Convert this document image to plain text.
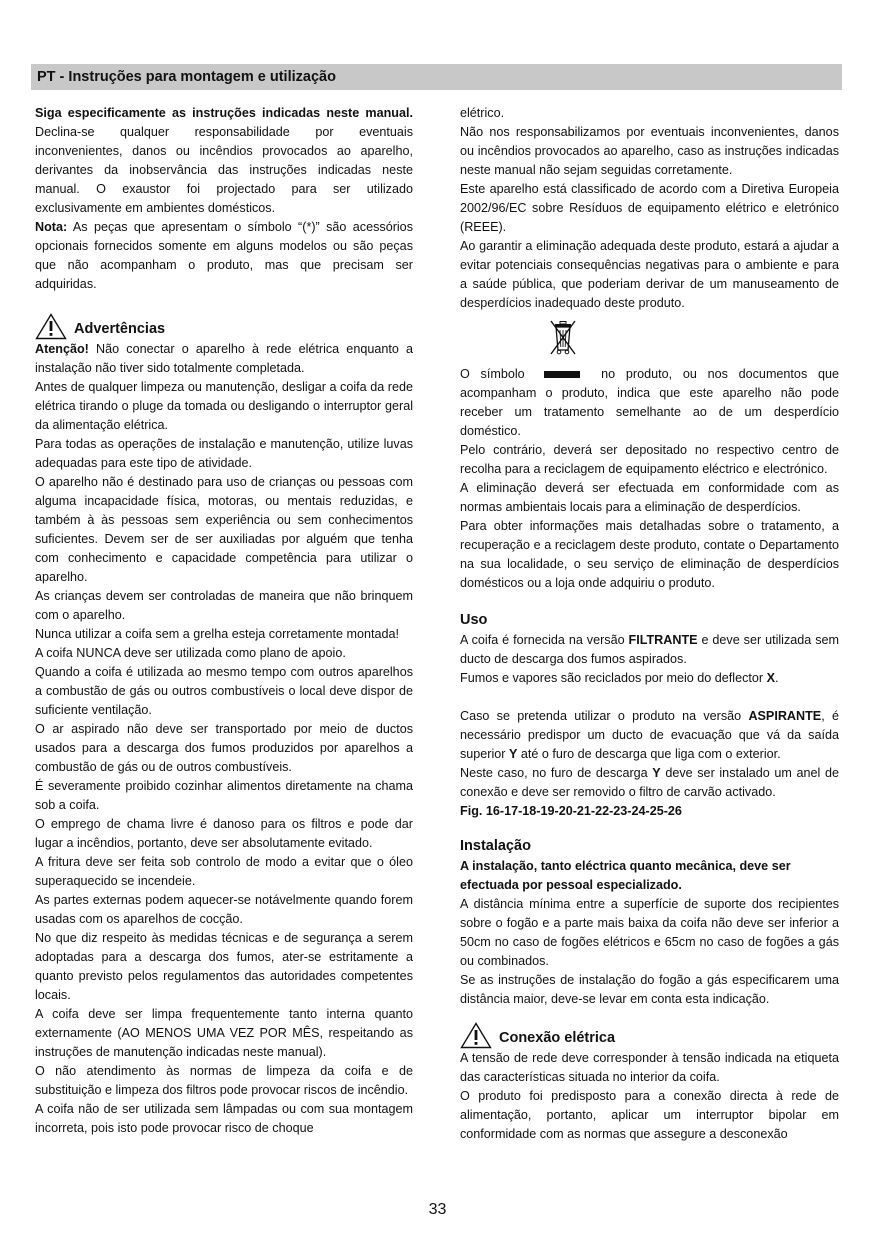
PT - Instruções para montagem e utilização

Siga especificamente as instruções indicadas neste manual. Declina-se qualquer responsabilidade por eventuais inconvenientes, danos ou incêndios provocados ao aparelho, derivantes da inobservância das instruções indicadas neste manual. O exaustor foi projectado para ser utilizado exclusivamente em ambientes domésticos.

Nota: As peças que apresentam o símbolo “(*)” são acessórios opcionais fornecidos somente em alguns modelos ou são peças que não acompanham o produto, mas que precisam ser adquiridas.

Advertências

Atenção! Não conectar o aparelho à rede elétrica enquanto a instalação não tiver sido totalmente completada.

Antes de qualquer limpeza ou manutenção, desligar a coifa da rede elétrica tirando o pluge da tomada ou desligando o interruptor geral da alimentação elétrica.

Para todas as operações de instalação e manutenção, utilize luvas adequadas para este tipo de atividade.

O aparelho não é destinado para uso de crianças ou pessoas com alguma incapacidade física, motoras, ou mentais reduzidas, e também à às pessoas sem experiência ou sem conhecimentos suficientes. Devem ser de ser auxiliadas por alguém que tenha com conhecimento e capacidade competência para utilizar o aparelho.

As crianças devem ser controladas de maneira que não brinquem com o aparelho.

Nunca utilizar a coifa sem a grelha esteja corretamente montada!

A coifa NUNCA deve ser utilizada como plano de apoio.

Quando a coifa é utilizada ao mesmo tempo com outros aparelhos a combustão de gás ou outros combustíveis o local deve dispor de suficiente ventilação.

O ar aspirado não deve ser transportado por meio de ductos usados para a descarga dos fumos produzidos por aparelhos a combustão de gás ou de outros combustíveis.

É severamente proibido cozinhar alimentos diretamente na chama sob a coifa.

O emprego de chama livre é danoso para os filtros e pode dar lugar a incêndios, portanto, deve ser absolutamente evitado.

A fritura deve ser feita sob controlo de modo a evitar que o óleo superaquecido se incendeie.

As partes externas podem aquecer-se notávelmente quando forem usadas com os aparelhos de cocção.

No que diz respeito às medidas técnicas e de segurança a serem adoptadas para a descarga dos fumos, ater-se estritamente a quanto previsto pelos regulamentos das autoridades competentes locais.

A coifa deve ser limpa frequentemente tanto interna quanto externamente (AO MENOS UMA VEZ POR MÊS, respeitando as instruções de manutenção indicadas neste manual).

O não atendimento às normas de limpeza da coifa e de substituição e limpeza dos filtros pode provocar riscos de incêndio.

A coifa não de ser utilizada sem lâmpadas ou com sua montagem incorreta, pois isto pode provocar risco de choque

elétrico.

Não nos responsabilizamos por eventuais inconvenientes, danos ou incêndios provocados ao aparelho, caso as instruções indicadas neste manual não sejam seguidas corretamente.

Este aparelho está classificado de acordo com a Diretiva Europeia 2002/96/EC sobre Resíduos de equipamento elétrico e eletrónico (REEE).

Ao garantir a eliminação adequada deste produto, estará a ajudar a evitar potenciais consequências negativas para o ambiente e para a saúde pública, que poderiam derivar de um manuseamento de desperdícios inadequado deste produto.

O símbolo	no produto, ou nos documentos que acompanham o produto, indica que este aparelho não pode receber um tratamento semelhante ao de um desperdício doméstico.

Pelo contrário, deverá ser depositado no respectivo centro de recolha para a reciclagem de equipamento eléctrico e electrónico.

A eliminação deverá ser efectuada em conformidade com as normas ambientais locais para a eliminação de desperdícios.

Para obter informações mais detalhadas sobre o tratamento, a recuperação e a reciclagem deste produto, contate o Departamento na sua localidade, o seu serviço de eliminação de desperdícios domésticos ou a loja onde adquiriu o produto.

Uso

A coifa é fornecida na versão FILTRANTE e deve ser utilizada sem ducto de descarga dos fumos aspirados.

Fumos e vapores são reciclados por meio do deflector X.

Caso se pretenda utilizar o produto na versão ASPIRANTE, é necessário predispor um ducto de evacuação que vá da saída superior Y até o furo de descarga que liga com o exterior.

Neste caso, no furo de descarga Y deve ser instalado um anel de conexão e deve ser removido o filtro de carvão activado.

Fig. 16-17-18-19-20-21-22-23-24-25-26

Instalação

A instalação, tanto eléctrica quanto mecânica, deve ser efectuada por pessoal especializado.

A distância mínima entre a superfície de suporte dos recipientes sobre o fogão e a parte mais baixa da coifa não deve ser inferior a 50cm no caso de fogões elétricos e 65cm no caso de fogões a gás ou combinados.

Se as instruções de instalação do fogão a gás especificarem uma distância maior, deve-se levar em conta esta indicação.

Conexão elétrica

A tensão de rede deve corresponder à tensão indicada na etiqueta das características situada no interior da coifa.

O produto foi predisposto para a conexão directa à rede de alimentação, portanto, aplicar um interruptor bipolar em conformidade com as normas que assegure a desconexão

33
